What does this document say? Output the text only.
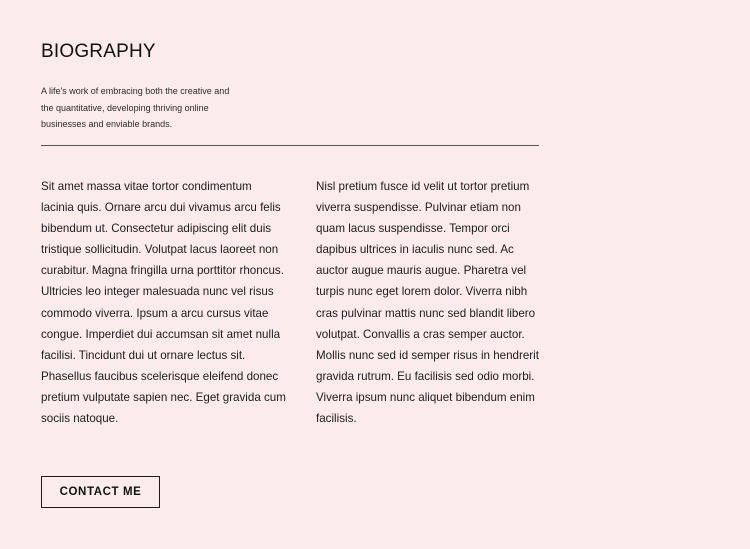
BIOGRAPHY

A life's work of embracing both the creative and the quantitative, developing thriving online businesses and enviable brands.

Sit amet massa vitae tortor condimentum lacinia quis. Ornare arcu dui vivamus arcu felis bibendum ut. Consectetur adipiscing elit duis tristique sollicitudin. Volutpat lacus laoreet non curabitur. Magna fringilla urna porttitor rhoncus. Ultricies leo integer malesuada nunc vel risus commodo viverra. Ipsum a arcu cursus vitae congue. Imperdiet dui accumsan sit amet nulla facilisi. Tincidunt dui ut ornare lectus sit. Phasellus faucibus scelerisque eleifend donec pretium vulputate sapien nec. Eget gravida cum sociis natoque.

Nisl pretium fusce id velit ut tortor pretium viverra suspendisse. Pulvinar etiam non quam lacus suspendisse. Tempor orci dapibus ultrices in iaculis nunc sed. Ac auctor augue mauris augue. Pharetra vel turpis nunc eget lorem dolor. Viverra nibh cras pulvinar mattis nunc sed blandit libero volutpat. Convallis a cras semper auctor. Mollis nunc sed id semper risus in hendrerit gravida rutrum. Eu facilisis sed odio morbi. Viverra ipsum nunc aliquet bibendum enim facilisis.

CONTACT ME
